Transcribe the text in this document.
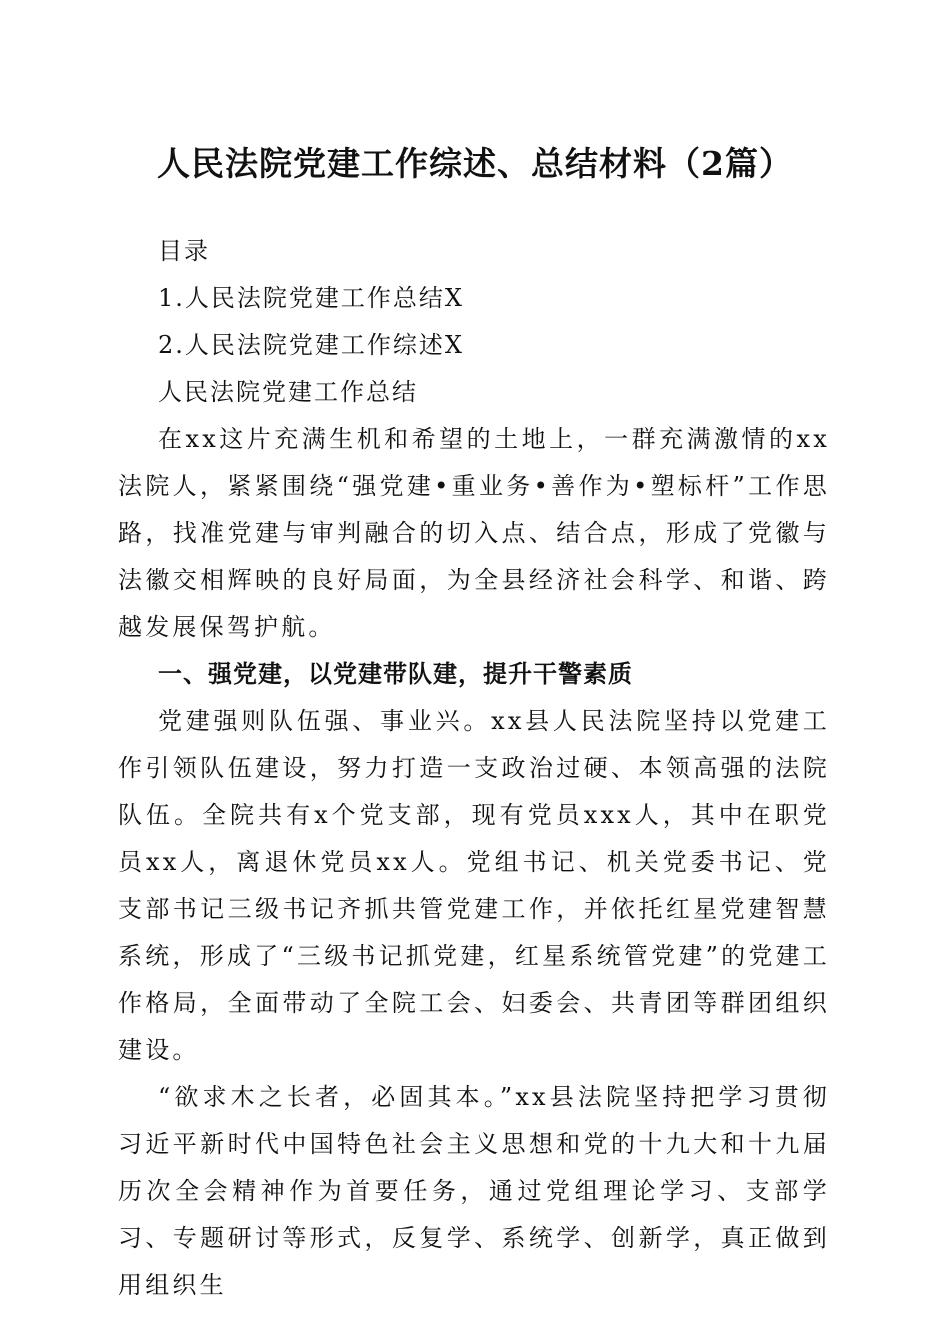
人民法院党建工作综述、总结材料（2篇）

目录

1.人民法院党建工作总结X

2.人民法院党建工作综述X

人民法院党建工作总结

在xx这片充满生机和希望的土地上，一群充满激情的xx法院人，紧紧围绕“强党建•重业务•善作为•塑标杆”工作思路，找准党建与审判融合的切入点、结合点，形成了党徽与法徽交相辉映的良好局面，为全县经济社会科学、和谐、跨越发展保驾护航。

一、强党建，以党建带队建，提升干警素质

党建强则队伍强、事业兴。xx县人民法院坚持以党建工作引领队伍建设，努力打造一支政治过硬、本领高强的法院队伍。全院共有x个党支部，现有党员xxx人，其中在职党员xx人，离退休党员xx人。党组书记、机关党委书记、党支部书记三级书记齐抓共管党建工作，并依托红星党建智慧系统，形成了“三级书记抓党建，红星系统管党建”的党建工作格局，全面带动了全院工会、妇委会、共青团等群团组织建设。

“欲求木之长者，必固其本。”xx县法院坚持把学习贯彻习近平新时代中国特色社会主义思想和党的十九大和十九届历次全会精神作为首要任务，通过党组理论学习、支部学习、专题研讨等形式，反复学、系统学、创新学，真正做到用组织生
